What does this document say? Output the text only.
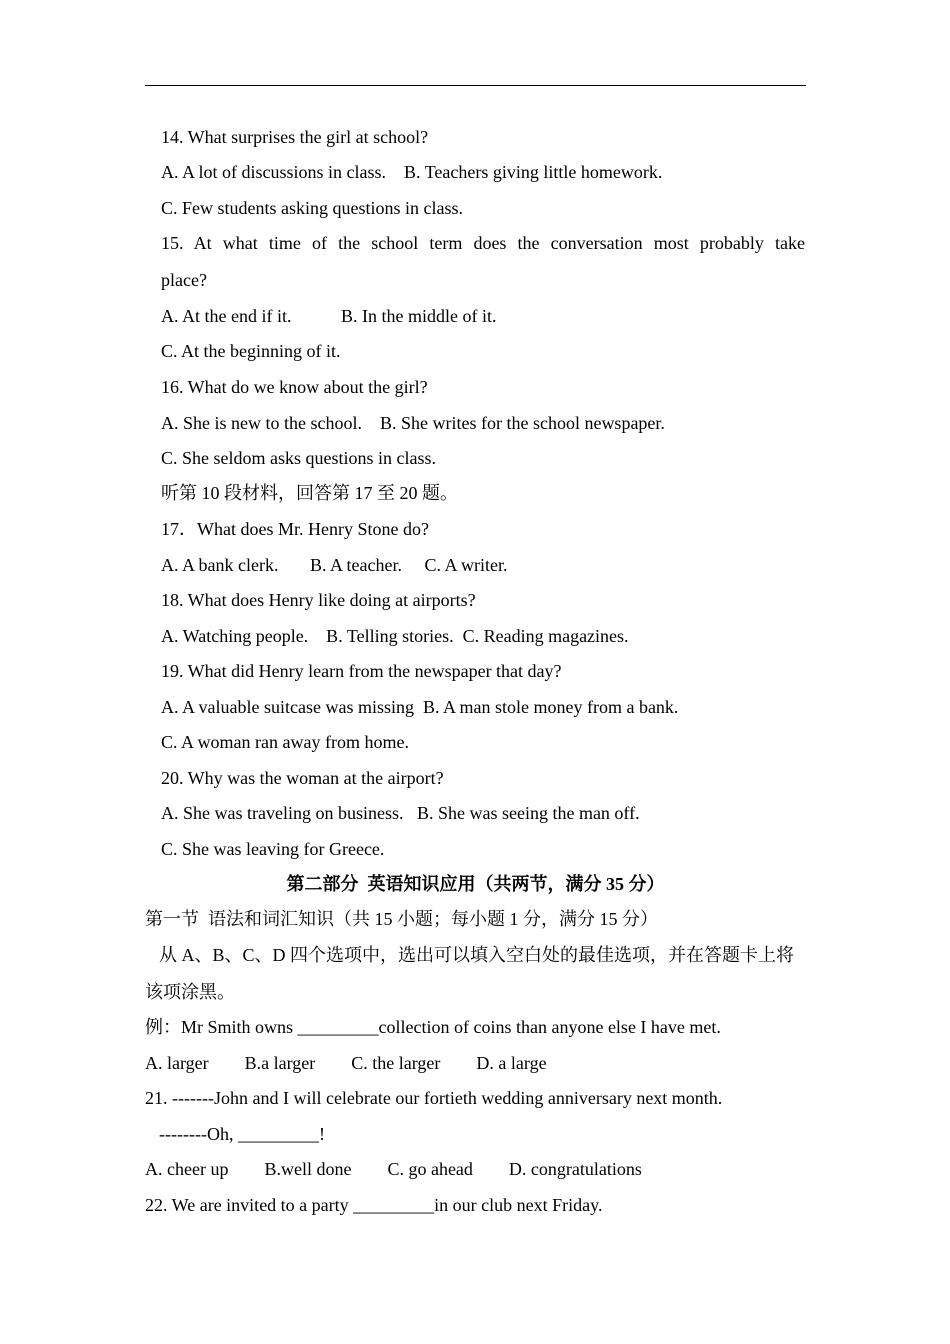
14. What surprises the girl at school?
A. A lot of discussions in class.    B. Teachers giving little homework.
C. Few students asking questions in class.
15. At what time of the school term does the conversation most probably take
place?
A. At the end if it.           B. In the middle of it.
C. At the beginning of it.
16. What do we know about the girl?
A. She is new to the school.    B. She writes for the school newspaper.
C. She seldom asks questions in class.
听第 10 段材料，回答第 17 至 20 题。
17．What does Mr. Henry Stone do?
A. A bank clerk.       B. A teacher.     C. A writer.
18. What does Henry like doing at airports?
A. Watching people.    B. Telling stories.  C. Reading magazines.
19. What did Henry learn from the newspaper that day?
A. A valuable suitcase was missing  B. A man stole money from a bank.
C. A woman ran away from home.
20. Why was the woman at the airport?
A. She was traveling on business.   B. She was seeing the man off.
C. She was leaving for Greece.
第二部分  英语知识应用（共两节，满分 35 分）
第一节  语法和词汇知识（共 15 小题；每小题 1 分，满分 15 分）
从 A、B、C、D 四个选项中，选出可以填入空白处的最佳选项，并在答题卡上将
该项涂黑。
例：Mr Smith owns _________collection of coins than anyone else I have met.
A. larger        B.a larger        C. the larger        D. a large
21. -------John and I will celebrate our fortieth wedding anniversary next month.
--------Oh, _________!
A. cheer up        B.well done        C. go ahead        D. congratulations
22. We are invited to a party _________in our club next Friday.
